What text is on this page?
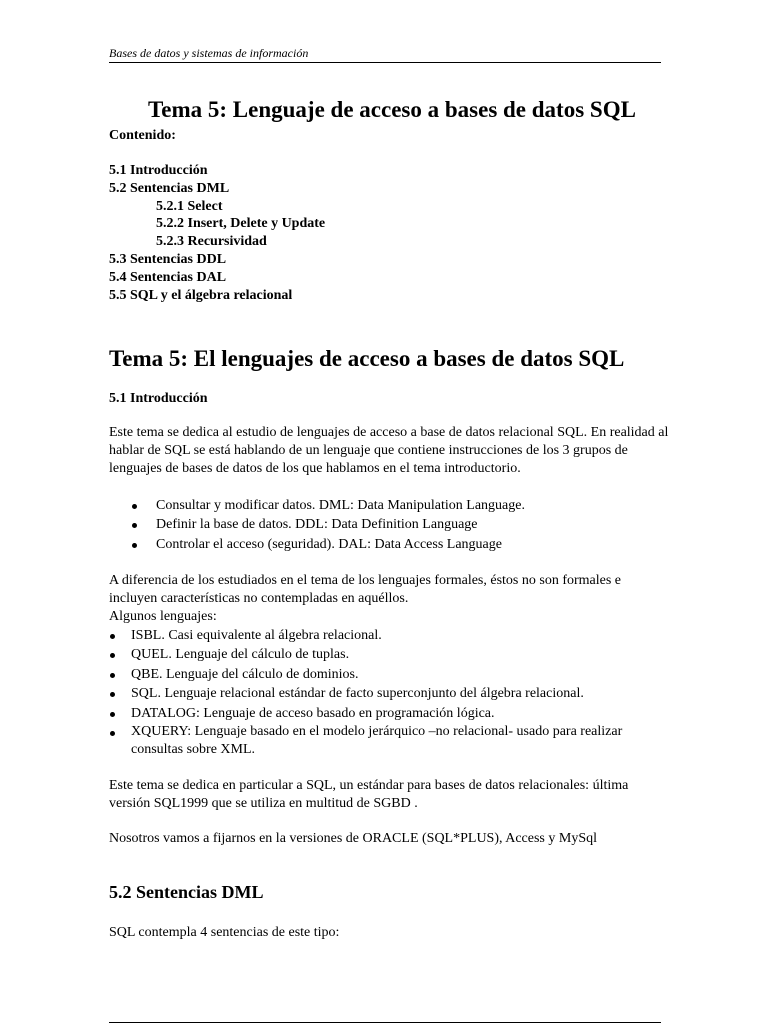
Bases de datos y sistemas de información
Tema 5: Lenguaje de acceso a bases de datos SQL
Contenido:
5.1 Introducción
5.2 Sentencias DML
5.2.1 Select
5.2.2 Insert, Delete y Update
5.2.3 Recursividad
5.3 Sentencias DDL
5.4 Sentencias DAL
5.5 SQL y el álgebra relacional
Tema 5: El lenguajes de acceso a bases de datos SQL
5.1 Introducción

Este tema se dedica al estudio de lenguajes de acceso a base de datos relacional SQL. En realidad al hablar de SQL se está hablando de un lenguaje que contiene instrucciones de los 3 grupos de lenguajes de bases de datos de los que hablamos en el tema introductorio.

Consultar y modificar datos. DML: Data Manipulation Language.
Definir la base de datos. DDL: Data Definition Language
Controlar el acceso (seguridad). DAL: Data Access Language

A diferencia de los estudiados en el tema de los lenguajes formales, éstos no son formales e incluyen características no contempladas en aquéllos.

Algunos lenguajes:

ISBL. Casi equivalente al álgebra relacional.
QUEL. Lenguaje del cálculo de tuplas.
QBE. Lenguaje del cálculo de dominios.
SQL. Lenguaje relacional estándar de facto superconjunto del álgebra relacional.
DATALOG: Lenguaje de acceso basado en programación lógica.
XQUERY: Lenguaje basado en el modelo jerárquico –no relacional- usado para realizar consultas sobre XML.

Este tema se dedica en particular a SQL, un estándar para bases de datos relacionales: última versión SQL1999 que se utiliza en multitud de SGBD .

Nosotros vamos a fijarnos en la versiones de ORACLE (SQL*PLUS), Access y MySql

5.2 Sentencias DML

SQL contempla 4 sentencias de este tipo:
